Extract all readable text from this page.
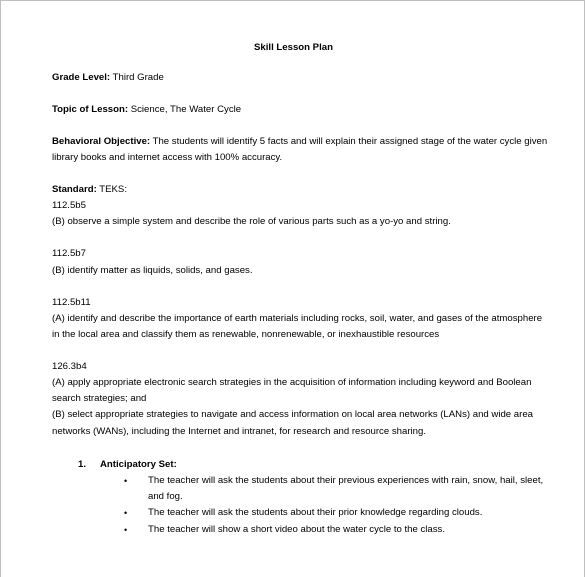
Skill Lesson Plan
Grade Level: Third Grade
Topic of Lesson: Science, The Water Cycle
Behavioral Objective: The students will identify 5 facts and will explain their assigned stage of the water cycle given
library books and internet access with 100% accuracy.
Standard: TEKS:
112.5b5
(B) observe a simple system and describe the role of various parts such as a yo-yo and string.
112.5b7
(B) identify matter as liquids, solids, and gases.
112.5b11
(A) identify and describe the importance of earth materials including rocks, soil, water, and gases of the atmosphere
in the local area and classify them as renewable, nonrenewable, or inexhaustible resources
126.3b4
(A) apply appropriate electronic search strategies in the acquisition of information including keyword and Boolean
search strategies; and
(B) select appropriate strategies to navigate and access information on local area networks (LANs) and wide area
networks (WANs), including the Internet and intranet, for research and resource sharing.
1. Anticipatory Set:
• The teacher will ask the students about their previous experiences with rain, snow, hail, sleet,
and fog.
• The teacher will ask the students about their prior knowledge regarding clouds.
• The teacher will show a short video about the water cycle to the class.
